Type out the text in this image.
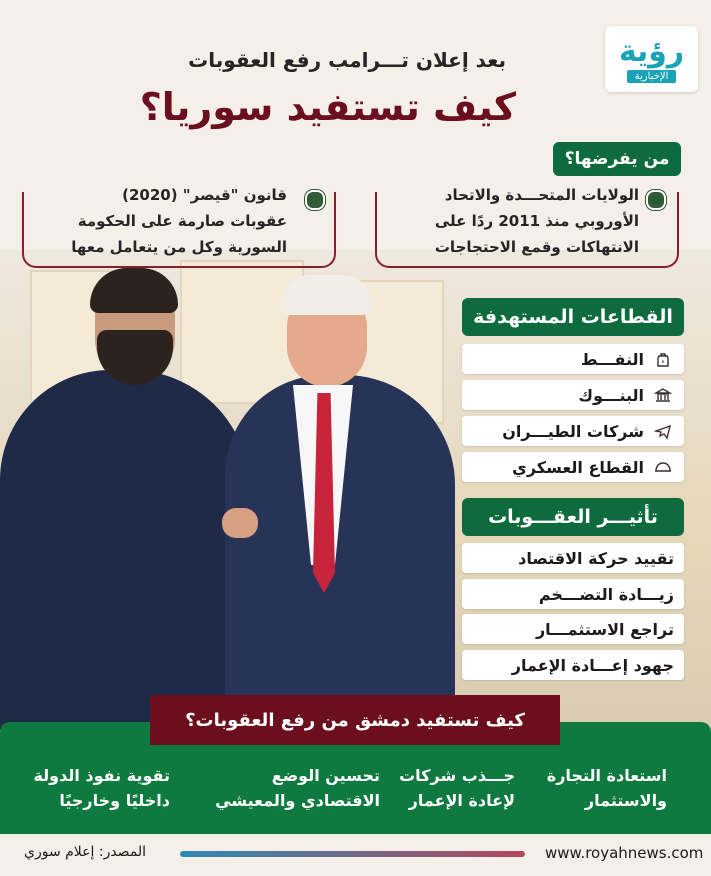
رؤية
الإخبارية
بعد إعلان تـــرامب رفع العقوبات
كيف تستفيد سوريا؟
من يفرضها؟
الولايات المتحـــدة والاتحاد
الأوروبي منذ 2011 ردًا على
الانتهاكات وقمع الاحتجاجات
قانون "قيصر" (2020)
عقوبات صارمة على الحكومة
السورية وكل من يتعامل معها
القطاعات المستهدفة
النفـــط
البنـــوك
شركات الطيـــران
القطاع العسكري
تأثيـــر العقـــوبات
تقييد حركة الاقتصاد
زيـــادة التضـــخم
تراجع الاستثمـــار
جهود إعـــادة الإعمار
كيف تستفيد دمشق من رفع العقوبات؟
استعادة التجارة
والاستثمار
جـــذب شركات
لإعادة الإعمار
تحسين الوضع
الاقتصادي والمعيشي
تقوية نفوذ الدولة
داخليًا وخارجيًا
www.royahnews.com
المصدر: إعلام سوري
